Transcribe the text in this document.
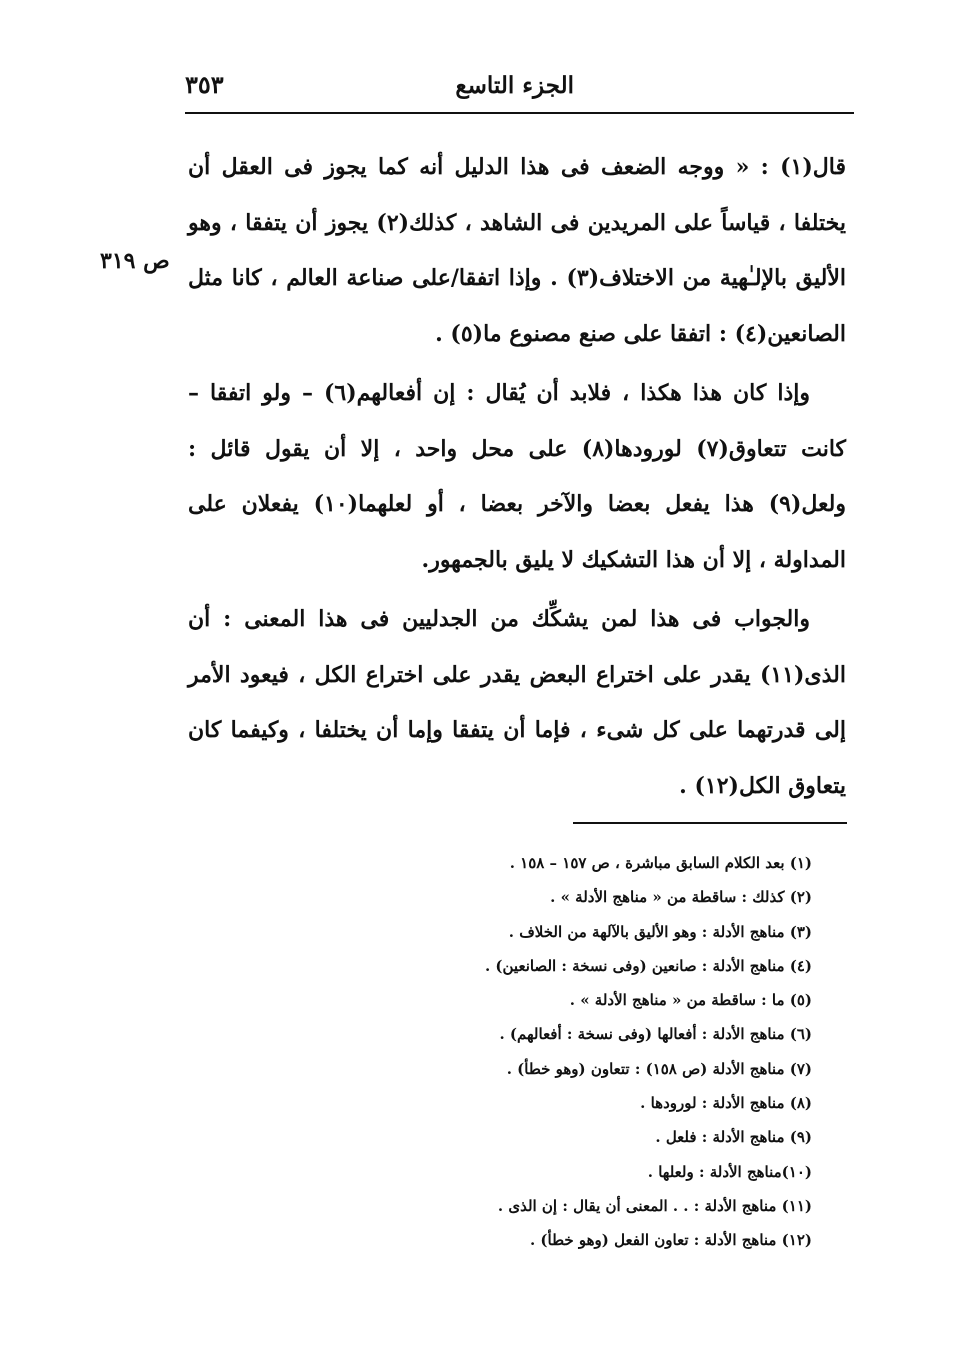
الجزء التاسع
٣٥٣
ص ٣١٩

قال(١) : « ووجه الضعف فى هذا الدليل أنه كما يجوز فى العقل أن يختلفا ، قياساً على المريدين فى الشاهد ، كذلك(٢) يجوز أن يتفقا ، وهو الأليق بالإلـٰهية من الاختلاف(٣) . وإذا اتفقا/على صناعة العالم ، كانا مثل الصانعين(٤) : اتفقا على صنع مصنوع ما(٥) .

وإذا كان هذا هكذا ، فلابد أن يُقال : إن أفعالهم(٦) – ولو اتفقا – كانت تتعاوق(٧) لورودها(٨) على محل واحد ، إلا أن يقول قائل : ولعل(٩) هذا يفعل بعضا والآخر بعضا ، أو لعلهما(١٠) يفعلان على المداولة ، إلا أن هذا التشكيك لا يليق بالجمهور.

والجواب فى هذا لمن يشكِّك من الجدليين فى هذا المعنى : أن الذى(١١) يقدر على اختراع البعض يقدر على اختراع الكل ، فيعود الأمر إلى قدرتهما على كل شىء ، فإما أن يتفقا وإما أن يختلفا ، وكيفما كان يتعاوق الكل(١٢) .

(١) بعد الكلام السابق مباشرة ، ص ١٥٧ – ١٥٨ .
(٢) كذلك : ساقطة من « مناهج الأدلة » .
(٣) مناهج الأدلة : وهو الأليق بالآلهة من الخلاف .
(٤) مناهج الأدلة : صانعين (وفى نسخة : الصانعين) .
(٥) ما : ساقطة من « مناهج الأدلة » .
(٦) مناهج الأدلة : أفعالها (وفى نسخة : أفعالهم) .
(٧) مناهج الأدلة (ص ١٥٨) : تتعاون (وهو خطأ) .
(٨) مناهج الأدلة : لورودها .
(٩) مناهج الأدلة : فلعل .
(١٠)مناهج الأدلة : ولعلها .
(١١) مناهج الأدلة : . . المعنى أن يقال : إن الذى .
(١٢) مناهج الأدلة : تعاون الفعل (وهو خطأ) .
